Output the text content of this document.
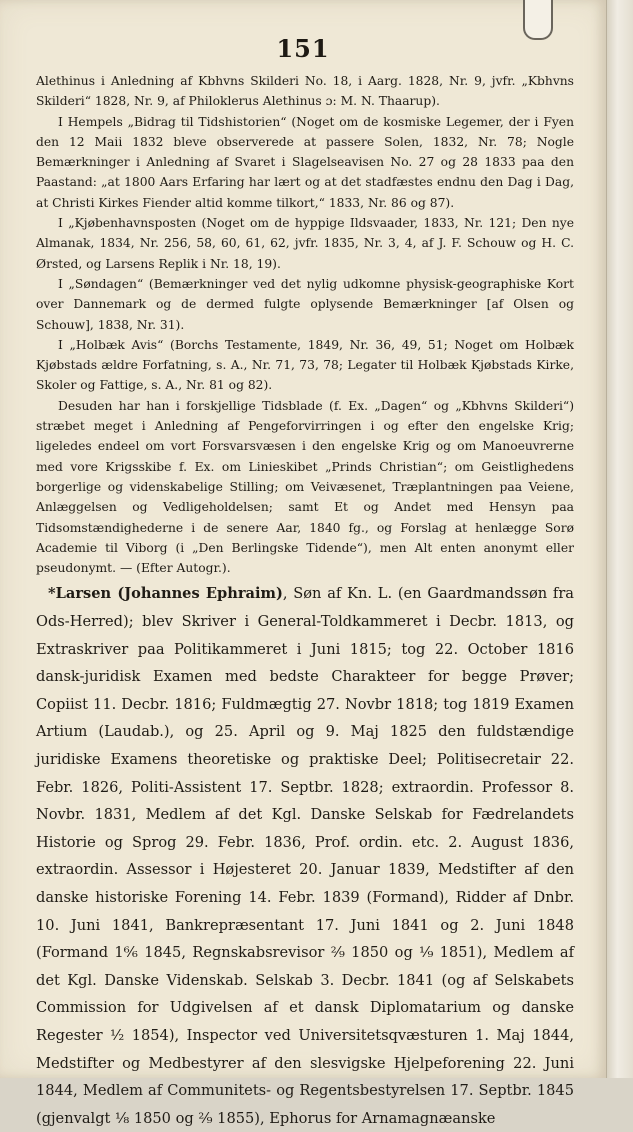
151

Alethinus i Anledning af Kbhvns Skilderi No. 18, i Aarg. 1828, Nr. 9, jvfr. „Kbhvns Skilderi“ 1828, Nr. 9, af Philoklerus Alethinus ɔ: M. N. Thaarup).

I Hempels „Bidrag til Tidshistorien“ (Noget om de kosmiske Legemer, der i Fyen den 12 Maii 1832 bleve observerede at passere Solen, 1832, Nr. 78; Nogle Bemærkninger i Anledning af Svaret i Slagelseavisen No. 27 og 28 1833 paa den Paastand: „at 1800 Aars Erfaring har lært og at det stadfæstes endnu den Dag i Dag, at Christi Kirkes Fiender altid komme tilkort,“ 1833, Nr. 86 og 87).

I „Kjøbenhavnsposten (Noget om de hyppige Ildsvaader, 1833, Nr. 121; Den nye Almanak, 1834, Nr. 256, 58, 60, 61, 62, jvfr. 1835, Nr. 3, 4, af J. F. Schouw og H. C. Ørsted, og Larsens Replik i Nr. 18, 19).

I „Søndagen“ (Bemærkninger ved det nylig udkomne physisk-geographiske Kort over Dannemark og de dermed fulgte oplysende Bemærkninger [af Olsen og Schouw], 1838, Nr. 31).

I „Holbæk Avis“ (Borchs Testamente, 1849, Nr. 36, 49, 51; Noget om Holbæk Kjøbstads ældre Forfatning, s. A., Nr. 71, 73, 78; Legater til Holbæk Kjøbstads Kirke, Skoler og Fattige, s. A., Nr. 81 og 82).

Desuden har han i forskjellige Tidsblade (f. Ex. „Dagen“ og „Kbhvns Skilderi“) stræbet meget i Anledning af Pengeforvirringen i og efter den engelske Krig; ligeledes endeel om vort Forsvarsvæsen i den engelske Krig og om Manoeuvrerne med vore Krigsskibe f. Ex. om Linieskibet „Prinds Christian“; om Geistlighedens borgerlige og videnskabelige Stilling; om Veivæsenet, Træplantningen paa Veiene, Anlæggelsen og Vedligeholdelsen; samt Et og Andet med Hensyn paa Tidsomstændighederne i de senere Aar, 1840 fg., og Forslag at henlægge Sorø Academie til Viborg (i „Den Berlingske Tidende“), men Alt enten anonymt eller pseudonymt. — (Efter Autogr.).

*Larsen (Johannes Ephraim), Søn af Kn. L. (en Gaardmandssøn fra Ods-Herred); blev Skriver i General-Toldkammeret i Decbr. 1813, og Extraskriver paa Politikammeret i Juni 1815; tog 22. October 1816 dansk-juridisk Examen med bedste Charakteer for begge Prøver; Copiist 11. Decbr. 1816; Fuldmægtig 27. Novbr 1818; tog 1819 Examen Artium (Laudab.), og 25. April og 9. Maj 1825 den fuldstændige juridiske Examens theoretiske og praktiske Deel; Politisecretair 22. Febr. 1826, Politi-Assistent 17. Septbr. 1828; extraordin. Professor 8. Novbr. 1831, Medlem af det Kgl. Danske Selskab for Fædrelandets Historie og Sprog 29. Febr. 1836, Prof. ordin. etc. 2. August 1836, extraordin. Assessor i Højesteret 20. Januar 1839, Medstifter af den danske historiske Forening 14. Febr. 1839 (Formand), Ridder af Dnbr. 10. Juni 1841, Bankrepræsentant 17. Juni 1841 og 2. Juni 1848 (Formand 1⁶⁄₆ 1845, Regnskabsrevisor ²⁄₉ 1850 og ¹⁄₉ 1851), Medlem af det Kgl. Danske Videnskab. Selskab 3. Decbr. 1841 (og af Selskabets Commission for Udgivelsen af et dansk Diplomatarium og danske Regester ¹⁄₂ 1854), Inspector ved Universitetsqvæsturen 1. Maj 1844, Medstifter og Medbestyrer af den slesvigske Hjelpeforening 22. Juni 1844, Medlem af Communitets- og Regentsbestyrelsen 17. Septbr. 1845 (gjenvalgt ¹⁄₈ 1850 og ²⁄₉ 1855), Ephorus for Arnamagnæanske
